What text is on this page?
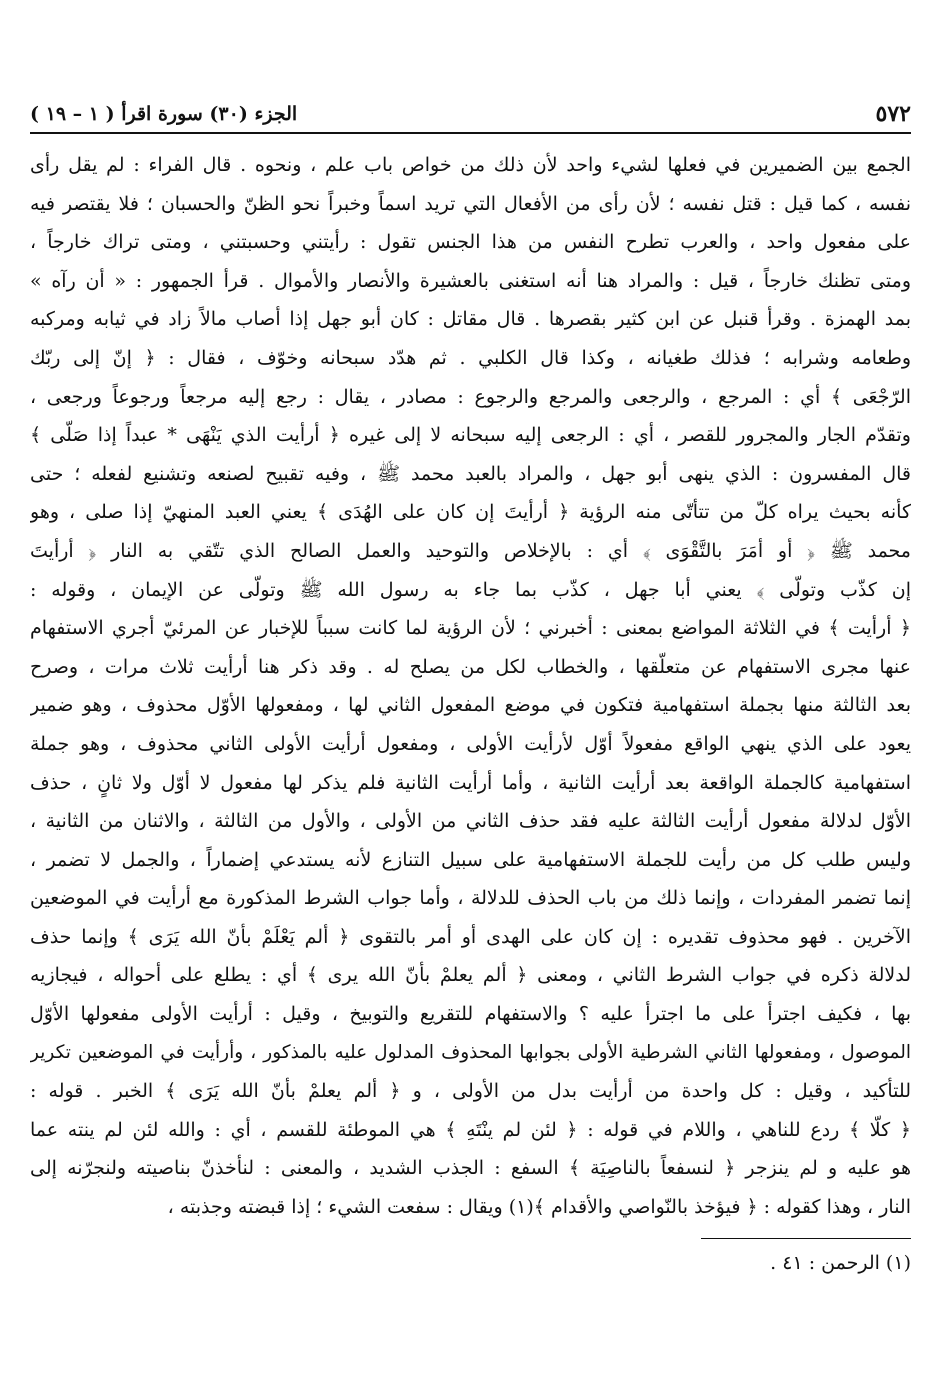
٥٧٢
الجزء (٣٠) سورة اقرأ ( ١ – ١٩ )

الجمع بين الضميرين في فعلها لشيء واحد لأن ذلك من خواص باب علم ، ونحوه . قال الفراء : لم يقل رأى
نفسه ، كما قيل : قتل نفسه ؛ لأن رأى من الأفعال التي تريد اسماً وخبراً نحو الظنّ والحسبان ؛ فلا يقتصر فيه
على مفعول واحد ، والعرب تطرح النفس من هذا الجنس تقول : رأيتني وحسبتني ، ومتى تراك خارجاً ،
ومتى تظنك خارجاً ، قيل : والمراد هنا أنه استغنى بالعشيرة والأنصار والأموال . قرأ الجمهور : « أن رآه »
بمد الهمزة . وقرأ قنبل عن ابن كثير بقصرها . قال مقاتل : كان أبو جهل إذا أصاب مالاً زاد في ثيابه ومركبه
وطعامه وشرابه ؛ فذلك طغيانه ، وكذا قال الكلبي . ثم هدّد سبحانه وخوّف ، فقال : ﴿ إنّ إلى ربّك
الرّجْعَى ﴾ أي : المرجع ، والرجعى والمرجع والرجوع : مصادر ، يقال : رجع إليه مرجعاً ورجوعاً ورجعى ،
وتقدّم الجار والمجرور للقصر ، أي : الرجعى إليه سبحانه لا إلى غيره ﴿ أرأيت الذي يَنْهَى * عبداً إذا صَلّى ﴾
قال المفسرون : الذي ينهى أبو جهل ، والمراد بالعبد محمد ﷺ ، وفيه تقبيح لصنعه وتشنيع لفعله ؛ حتى
كأنه بحيث يراه كلّ من تتأتّى منه الرؤية ﴿ أرأيتَ إن كان على الهُدَى ﴾ يعني العبد المنهيّ إذا صلى ، وهو
محمد ﷺ ﴿ أو أمَرَ بالتَّقْوَى ﴾ أي : بالإخلاص والتوحيد والعمل الصالح الذي تتّقي به النار ﴿ أرأيتَ
إن كذّب وتولّى ﴾ يعني أبا جهل ، كذّب بما جاء به رسول الله ﷺ وتولّى عن الإيمان ، وقوله :
﴿ أرأيت ﴾ في الثلاثة المواضع بمعنى : أخبرني ؛ لأن الرؤية لما كانت سبباً للإخبار عن المرئيّ أجري الاستفهام
عنها مجرى الاستفهام عن متعلّقها ، والخطاب لكل من يصلح له . وقد ذكر هنا أرأيت ثلاث مرات ، وصرح
بعد الثالثة منها بجملة استفهامية فتكون في موضع المفعول الثاني لها ، ومفعولها الأوّل محذوف ، وهو ضمير
يعود على الذي ينهي الواقع مفعولاً أوّل لأرأيت الأولى ، ومفعول أرأيت الأولى الثاني محذوف ، وهو جملة
استفهامية كالجملة الواقعة بعد أرأيت الثانية ، وأما أرأيت الثانية فلم يذكر لها مفعول لا أوّل ولا ثانٍ ، حذف
الأوّل لدلالة مفعول أرأيت الثالثة عليه فقد حذف الثاني من الأولى ، والأول من الثالثة ، والاثنان من الثانية ،
وليس طلب كل من رأيت للجملة الاستفهامية على سبيل التنازع لأنه يستدعي إضماراً ، والجمل لا تضمر ،
إنما تضمر المفردات ، وإنما ذلك من باب الحذف للدلالة ، وأما جواب الشرط المذكورة مع أرأيت في الموضعين
الآخرين . فهو محذوف تقديره : إن كان على الهدى أو أمر بالتقوى ﴿ ألم يَعْلَمْ بأنّ الله يَرَى ﴾ وإنما حذف
لدلالة ذكره في جواب الشرط الثاني ، ومعنى ﴿ ألم يعلمْ بأنّ الله يرى ﴾ أي : يطلع على أحواله ، فيجازيه
بها ، فكيف اجترأ على ما اجترأ عليه ؟ والاستفهام للتقريع والتوبيخ ، وقيل : أرأيت الأولى مفعولها الأوّل
الموصول ، ومفعولها الثاني الشرطية الأولى بجوابها المحذوف المدلول عليه بالمذكور ، وأرأيت في الموضعين تكرير
للتأكيد ، وقيل : كل واحدة من أرأيت بدل من الأولى ، و ﴿ ألم يعلمْ بأنّ الله يَرَى ﴾ الخبر . قوله :
﴿ كلّا ﴾ ردع للناهي ، واللام في قوله : ﴿ لئن لم ينْتَهِ ﴾ هي الموطئة للقسم ، أي : والله لئن لم ينته عما
هو عليه و لم ينزجر ﴿ لنسفعاً بالناصِيَة ﴾ السفع : الجذب الشديد ، والمعنى : لنأخذنّ بناصيته ولنجرّنه إلى
النار ، وهذا كقوله : ﴿ فيؤخذ بالنّواصي والأقدام ﴾(١) ويقال : سفعت الشيء ؛ إذا قبضته وجذبته ،

(١) الرحمن : ٤١ .
